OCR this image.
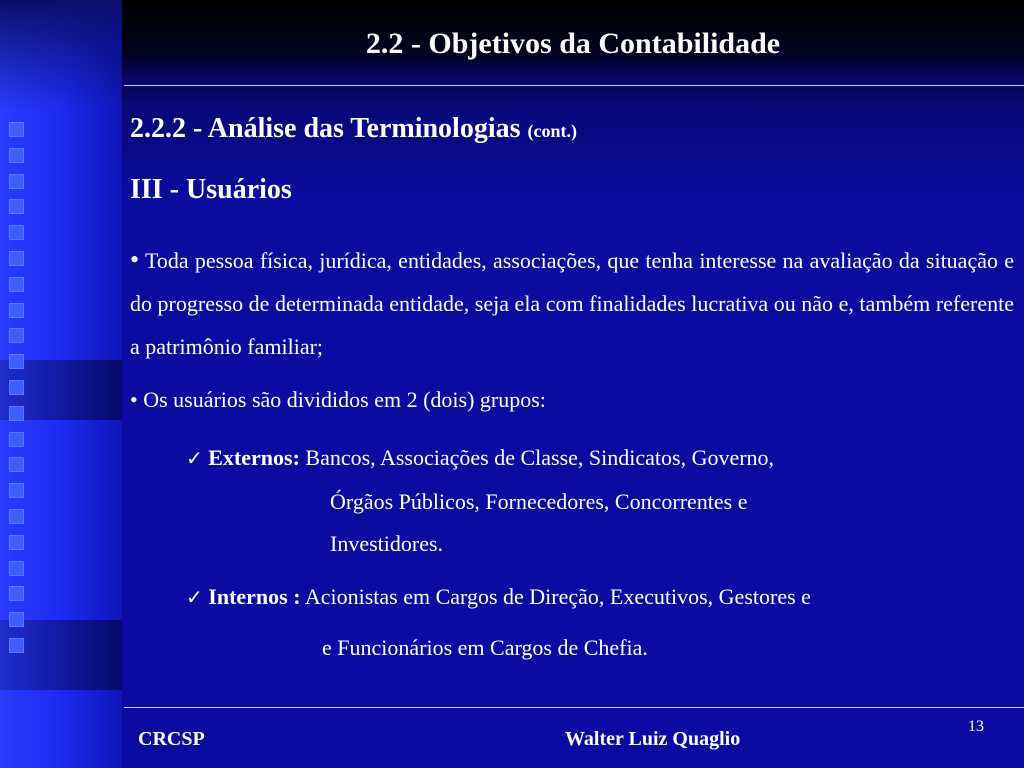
2.2 - Objetivos da Contabilidade
2.2.2 - Análise das Terminologias (cont.)
III - Usuários
• Toda pessoa física, jurídica, entidades, associações, que tenha interesse na avaliação da situação e do progresso de determinada entidade, seja ela com finalidades lucrativa ou não e, também referente a patrimônio familiar;
• Os usuários são divididos em 2 (dois) grupos:
✓ Externos: Bancos, Associações de Classe, Sindicatos, Governo,
Órgãos Públicos, Fornecedores, Concorrentes e
Investidores.
✓ Internos : Acionistas em Cargos de Direção, Executivos, Gestores e
e Funcionários em Cargos de Chefia.
CRCSP	Walter Luiz Quaglio
13
